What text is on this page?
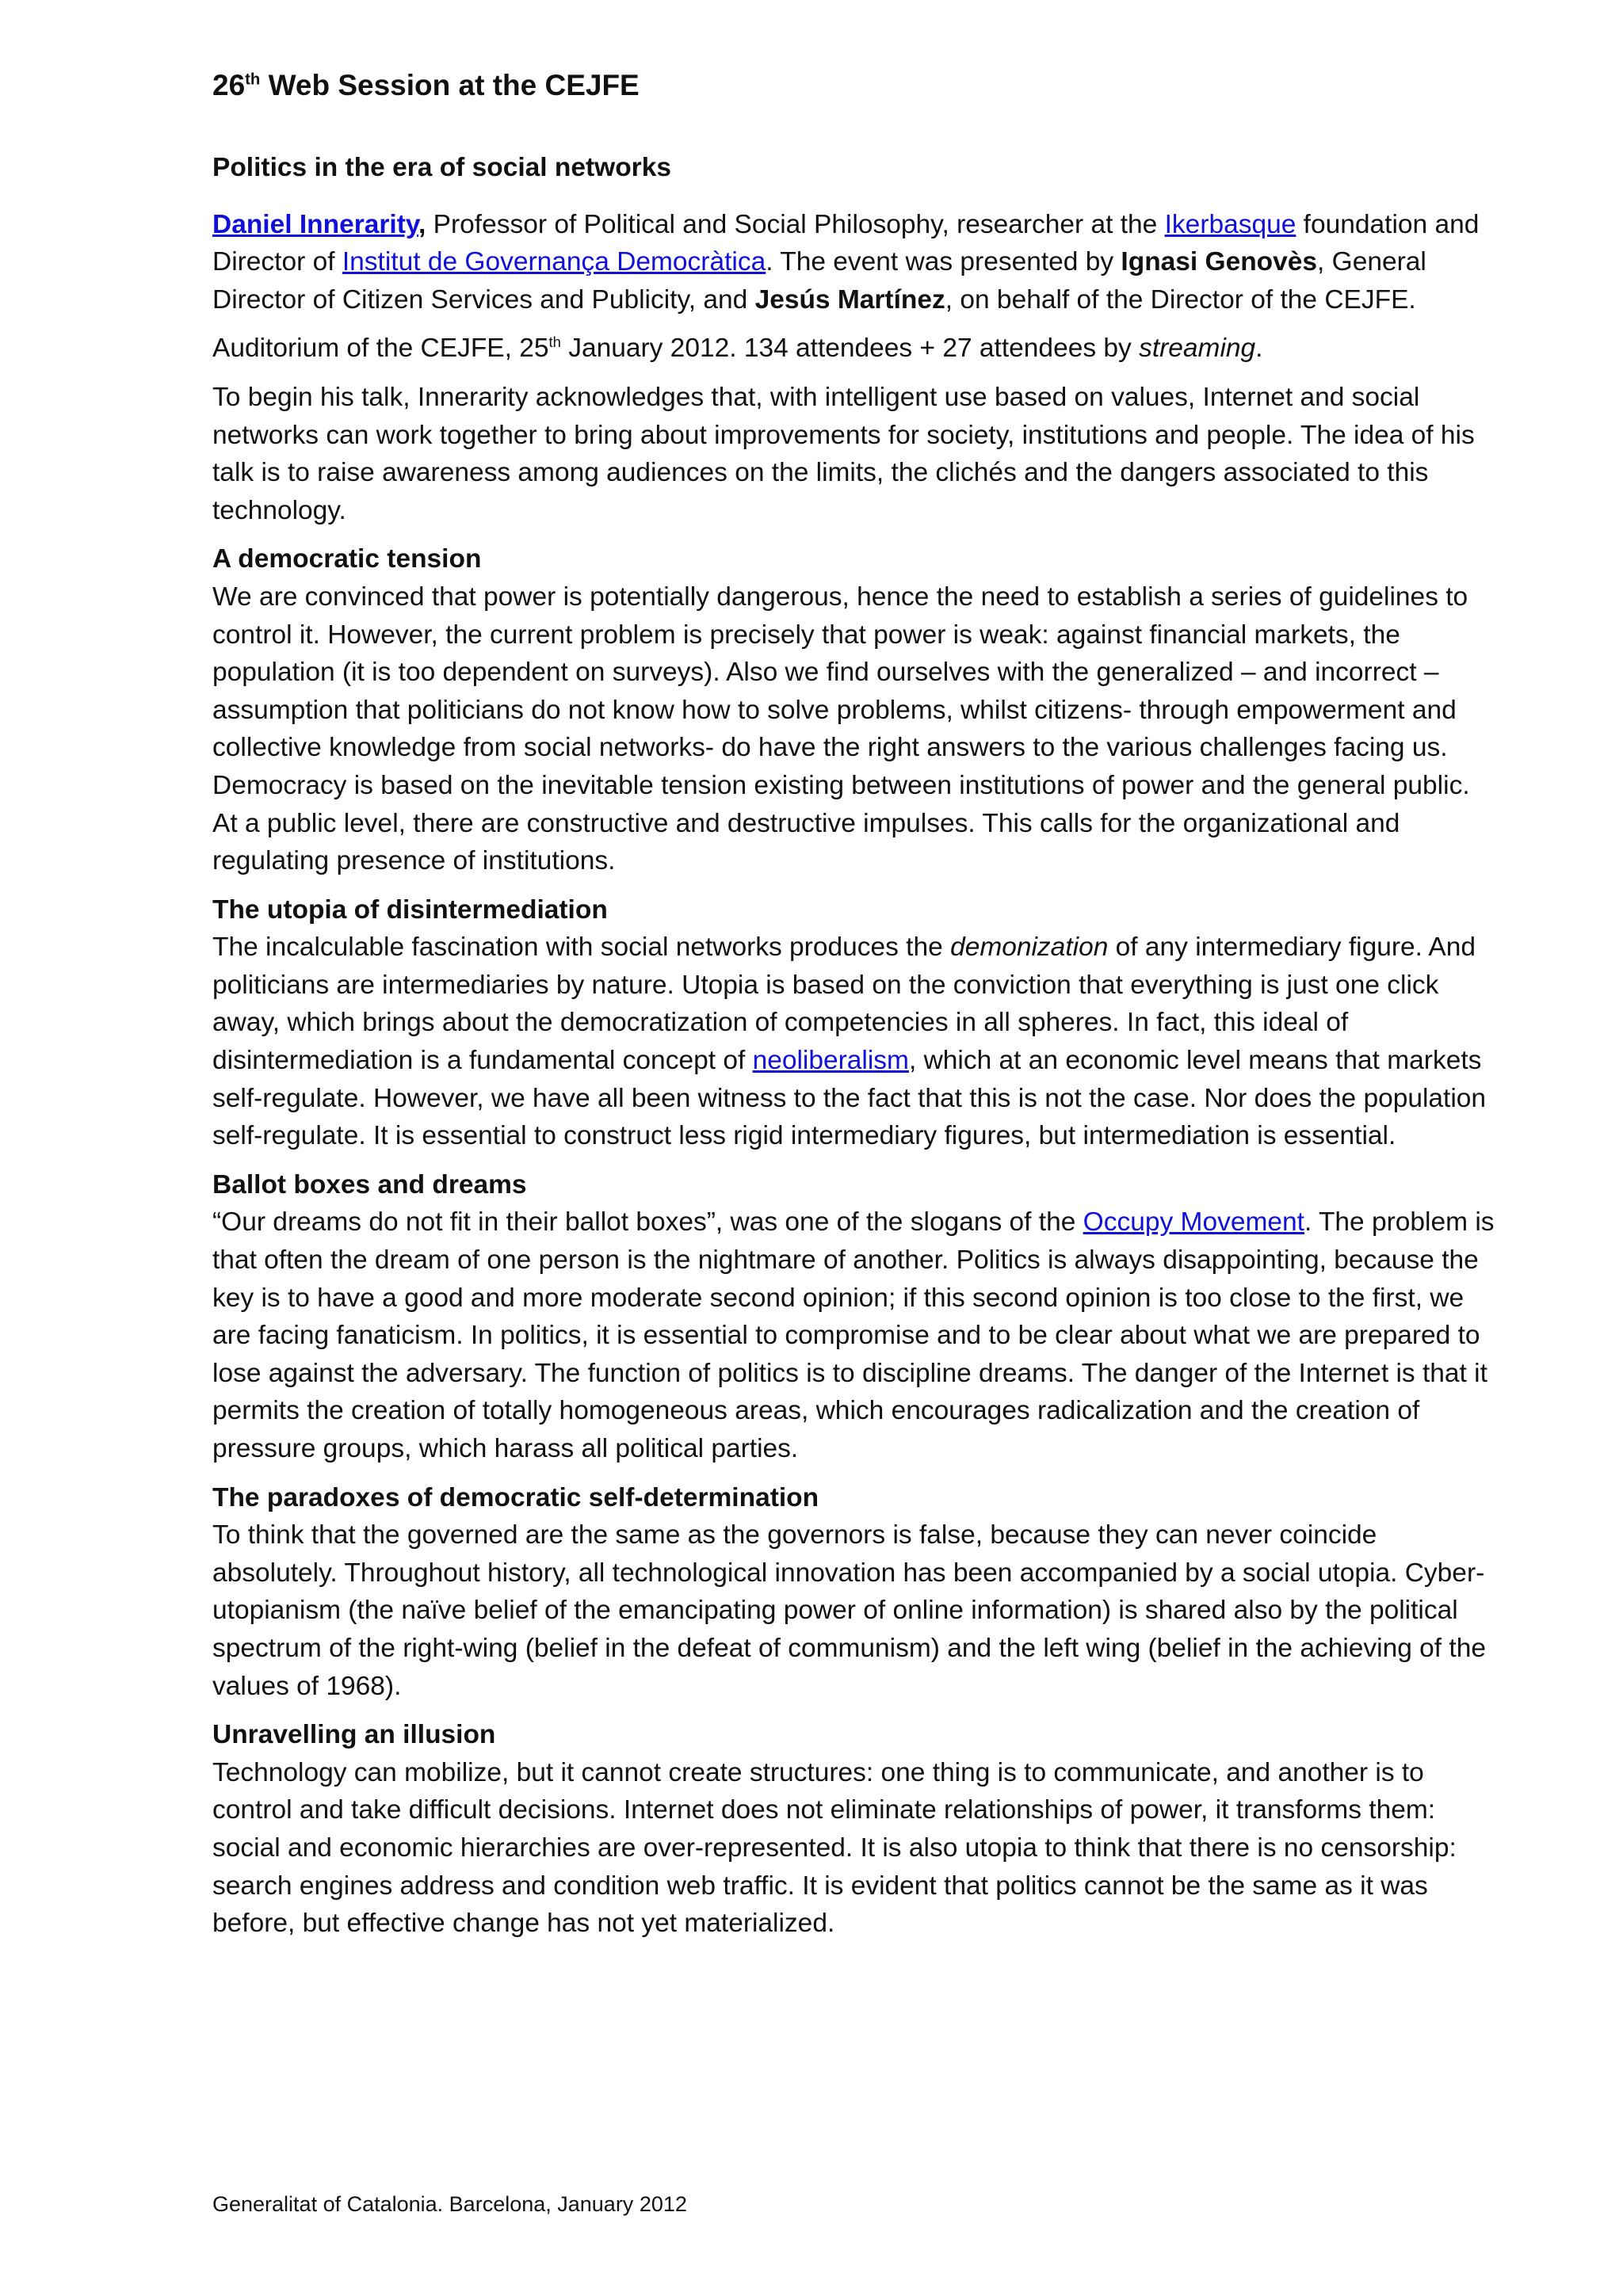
26th Web Session at the CEJFE
Politics in the era of social networks

Daniel Innerarity, Professor of Political and Social Philosophy, researcher at the Ikerbasque foundation and Director of Institut de Governança Democràtica. The event was presented by Ignasi Genovès, General Director of Citizen Services and Publicity, and Jesús Martínez, on behalf of the Director of the CEJFE.

Auditorium of the CEJFE, 25th January 2012. 134 attendees + 27 attendees by streaming.

To begin his talk, Innerarity acknowledges that, with intelligent use based on values, Internet and social networks can work together to bring about improvements for society, institutions and people. The idea of his talk is to raise awareness among audiences on the limits, the clichés and the dangers associated to this technology.

A democratic tension
We are convinced that power is potentially dangerous, hence the need to establish a series of guidelines to control it. However, the current problem is precisely that power is weak: against financial markets, the population (it is too dependent on surveys). Also we find ourselves with the generalized – and incorrect – assumption that politicians do not know how to solve problems, whilst citizens- through empowerment and collective knowledge from social networks- do have the right answers to the various challenges facing us. Democracy is based on the inevitable tension existing between institutions of power and the general public. At a public level, there are constructive and destructive impulses. This calls for the organizational and regulating presence of institutions.
The utopia of disintermediation
The incalculable fascination with social networks produces the demonization of any intermediary figure. And politicians are intermediaries by nature. Utopia is based on the conviction that everything is just one click away, which brings about the democratization of competencies in all spheres. In fact, this ideal of disintermediation is a fundamental concept of neoliberalism, which at an economic level means that markets self-regulate. However, we have all been witness to the fact that this is not the case. Nor does the population self-regulate. It is essential to construct less rigid intermediary figures, but intermediation is essential.
Ballot boxes and dreams
“Our dreams do not fit in their ballot boxes”, was one of the slogans of the Occupy Movement. The problem is that often the dream of one person is the nightmare of another. Politics is always disappointing, because the key is to have a good and more moderate second opinion; if this second opinion is too close to the first, we are facing fanaticism. In politics, it is essential to compromise and to be clear about what we are prepared to lose against the adversary. The function of politics is to discipline dreams. The danger of the Internet is that it permits the creation of totally homogeneous areas, which encourages radicalization and the creation of pressure groups, which harass all political parties.
The paradoxes of democratic self-determination
To think that the governed are the same as the governors is false, because they can never coincide absolutely. Throughout history, all technological innovation has been accompanied by a social utopia. Cyber-utopianism (the naïve belief of the emancipating power of online information) is shared also by the political spectrum of the right-wing (belief in the defeat of communism) and the left wing (belief in the achieving of the values of 1968).
Unravelling an illusion
Technology can mobilize, but it cannot create structures: one thing is to communicate, and another is to control and take difficult decisions. Internet does not eliminate relationships of power, it transforms them: social and economic hierarchies are over-represented. It is also utopia to think that there is no censorship: search engines address and condition web traffic. It is evident that politics cannot be the same as it was before, but effective change has not yet materialized.
Generalitat of Catalonia. Barcelona, January 2012
